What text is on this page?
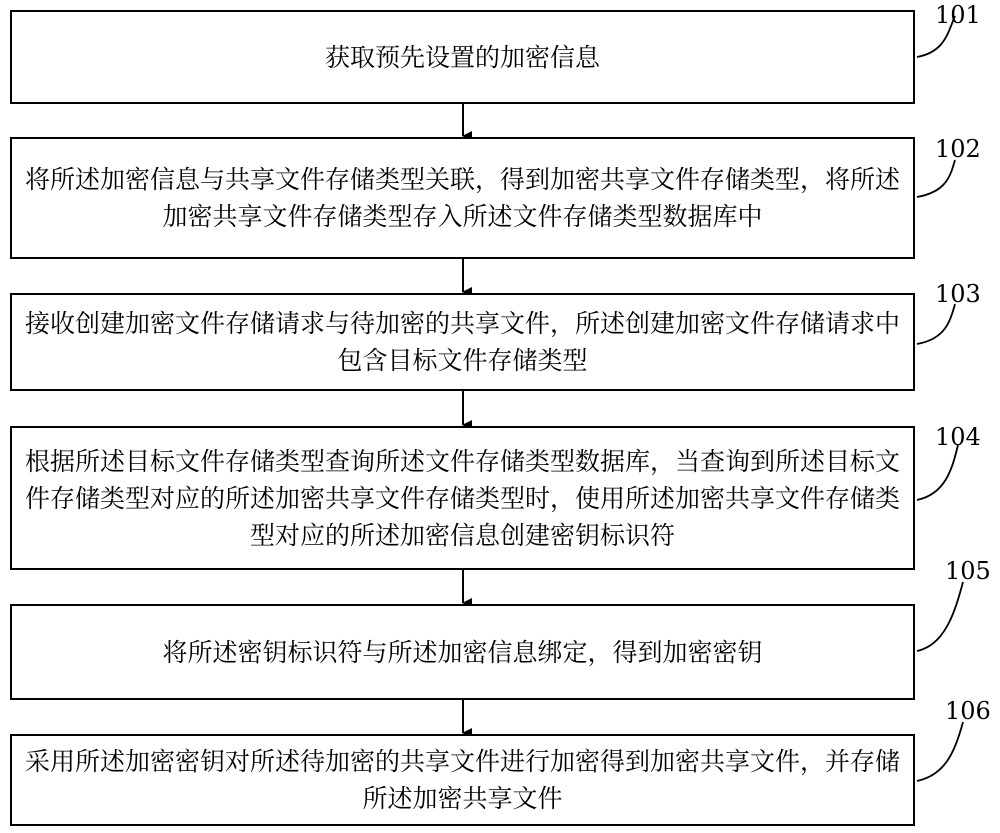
获取预先设置的加密信息
将所述加密信息与共享文件存储类型关联，得到加密共享文件存储类型，将所述加密共享文件存储类型存入所述文件存储类型数据库中
接收创建加密文件存储请求与待加密的共享文件，所述创建加密文件存储请求中包含目标文件存储类型
根据所述目标文件存储类型查询所述文件存储类型数据库，当查询到所述目标文件存储类型对应的所述加密共享文件存储类型时，使用所述加密共享文件存储类型对应的所述加密信息创建密钥标识符
将所述密钥标识符与所述加密信息绑定，得到加密密钥
采用所述加密密钥对所述待加密的共享文件进行加密得到加密共享文件，并存储所述加密共享文件
101
102
103
104
105
106
